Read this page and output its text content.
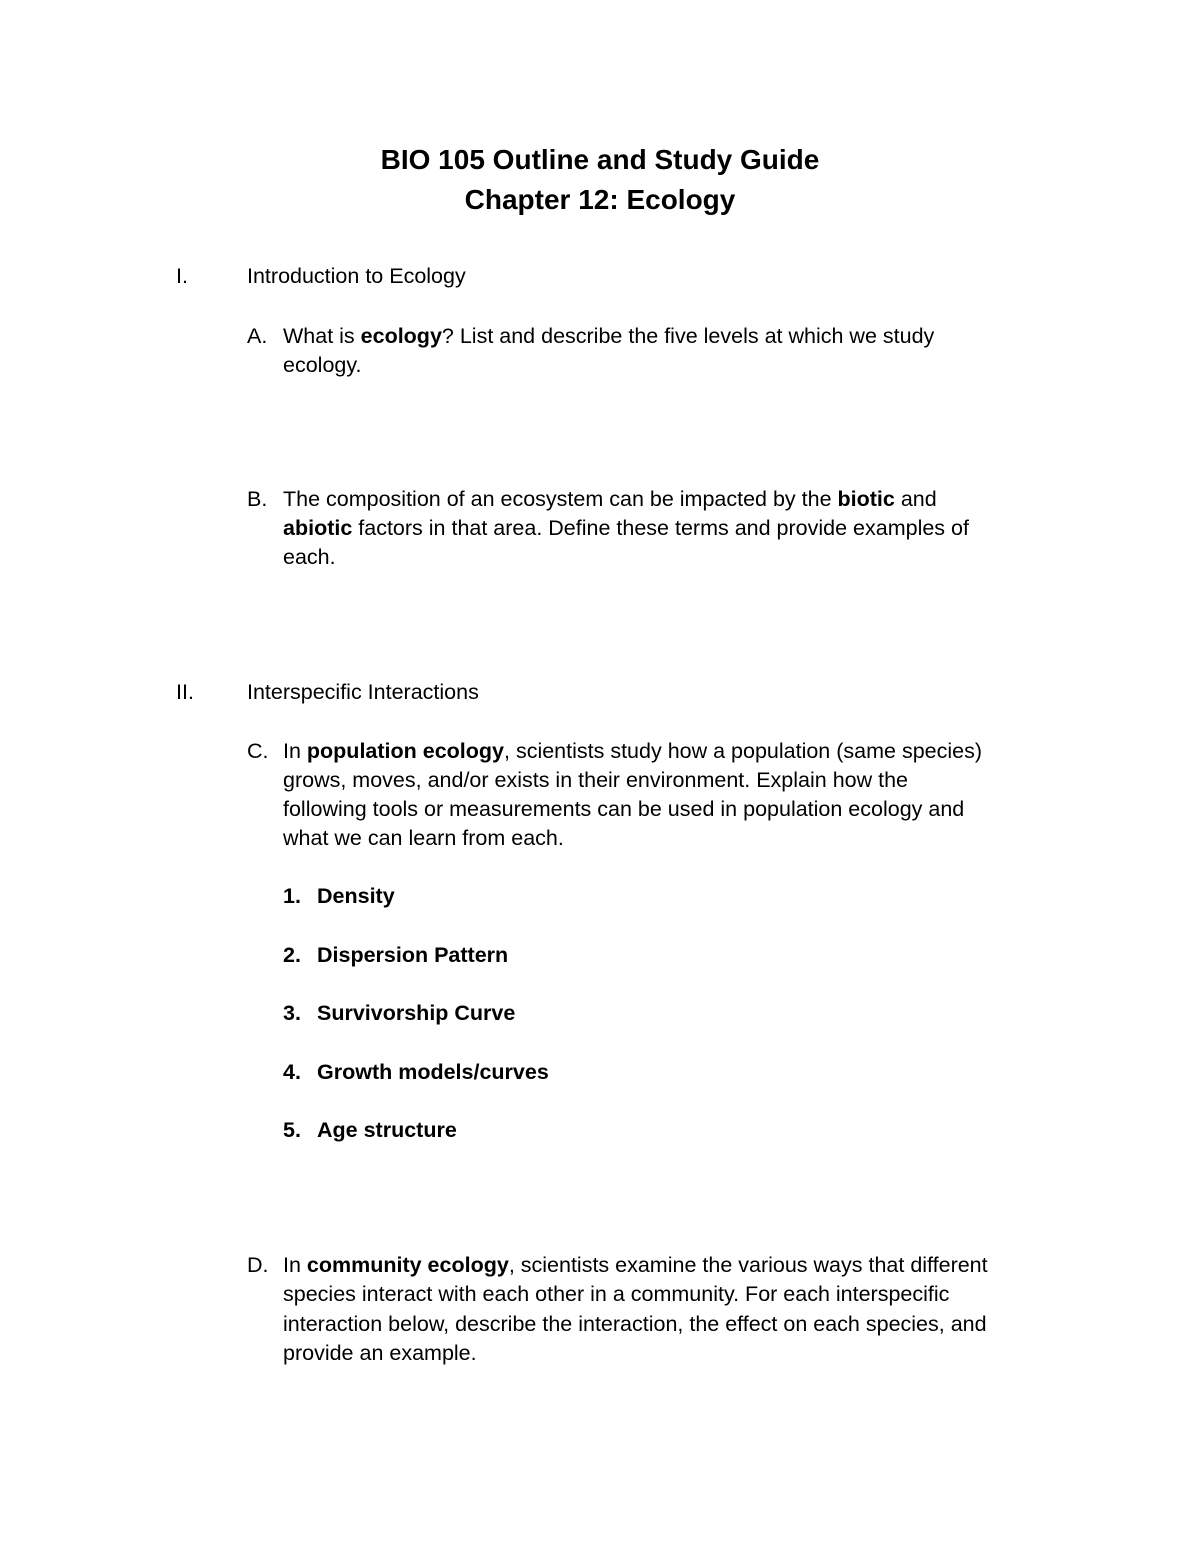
BIO 105 Outline and Study Guide
Chapter 12: Ecology
I.	Introduction to Ecology
A. What is ecology? List and describe the five levels at which we study
ecology.
B. The composition of an ecosystem can be impacted by the biotic and
abiotic factors in that area. Define these terms and provide examples of
each.
II. Interspecific Interactions
C. In population ecology, scientists study how a population (same species)
grows, moves, and/or exists in their environment. Explain how the
following tools or measurements can be used in population ecology and
what we can learn from each.
1. Density
2. Dispersion Pattern
3. Survivorship Curve
4. Growth models/curves
5. Age structure
D. In community ecology, scientists examine the various ways that different
species interact with each other in a community. For each interspecific
interaction below, describe the interaction, the effect on each species, and
provide an example.
